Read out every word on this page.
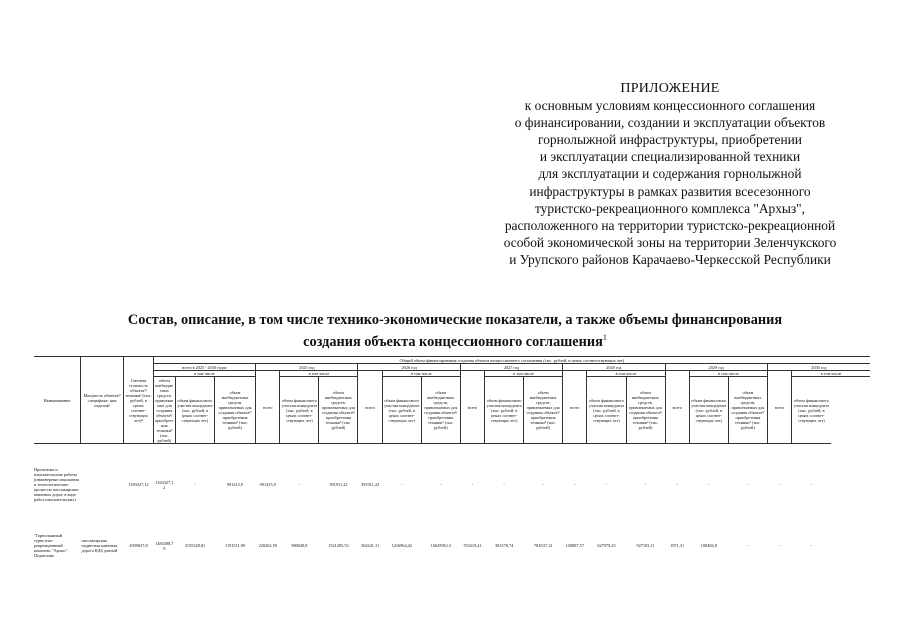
ПРИЛОЖЕНИЕ
к основным условиям концессионного соглашения
о финансировании, создании и эксплуатации объектов
горнолыжной инфраструктуры, приобретении
и эксплуатации специализированной техники
для эксплуатации и содержания горнолыжной
инфраструктуры в рамках развития всесезонного
туристско-рекреационного комплекса "Архыз",
расположенного на территории туристско-рекреационной
особой экономической зоны на территории Зеленчукского
и Урупского районов Карачаево-Черкесской Республики
Состав, описание, в том числе технико-экономические показатели, а также объемы финансирования
создания объекта концессионного соглашения$^1$
Наименование	Мощность объекта²/ специфика- ция изделия³	Сметная стоимость объекта²/ техники³ (тыс. рублей, в ценах соответ- ствующих лет)⁴	Общий объем финансирования создания объекта концессионного соглашения (тыс. рублей, в ценах соответствующих лет)																				
			всего в 2025 - 2030 годах			2025 год			2026 год			2027 год			2028 год			2029 год			2030 год		
			в том числе			всего	в том числе		всего	в том числе		всего	в том числе		всего	в том числе		всего	в том числе		всего	в том числе	
			объем внебюджетных средств, привлекаемых для создания объекта²/ приобретения техники³ (тыс. рублей)	объем финансового участия концедента (тыс. рублей, в ценах соответ- ствующих лет)	объем внебюджетных средств, привлекаемых для создания объекта²/ приобретения техники³ (тыс. рублей)		объем финансового участия концедента (тыс. рублей, в ценах соответ- ствующих лет)	объем внебюджетных средств, привлекаемых для создания объекта²/ приобретения техники³ (тыс. рублей)		объем финансового участия концедента (тыс. рублей, в ценах соответ- ствующих лет)	объем внебюджетных средств, привлекаемых для создания объекта²/ приобретения техники³ (тыс. рублей)		объем финансового участия концедента (тыс. рублей, в ценах соответ- ствующих лет)	объем внебюджетных средств, привлекаемых для создания объекта²/ приобретения техники³ (тыс. рублей)		объем финансового участия концедента (тыс. рублей, в ценах соответ- ствующих лет)	объем внебюджетных средств, привлекаемых для создания объекта²/ приобретения техники³ (тыс. рублей)		объем финансового участия концедента (тыс. рублей, в ценах соответ- ствующих лет)	объем внебюджетных средств, привлекаемых для создания объекта²/ приобретения техники³ (тыс. рублей)		объем финансового участия концедента (тыс. рублей, в ценах соответ- ствующих лет)	
Проектные и изыскательские работы (инженерные изыскания и технологические процессы пассажирских канатных дорог, в виде работ изыскательских)		1383327,12	1343327,12	-	991415,9	991415,9	-	391911,22	391911,22	-	-	-	-	-	-	-	-	-	-	-	-	-	
"Горнолыжный туристско-рекреационный комплекс "Архыз". Подвесные	пассажирская подвесная канатная дорога КД6 длиной	4599637,8	1483308,79	3155328,81	1191511,99	220262,59	980049,8	1521205,53	304241,11	1216964,42	1604598,13	703219,41	381378,74	784537,12	150887,57	627979,25	927183,11	1871,31	108484,8	-	-	-	
